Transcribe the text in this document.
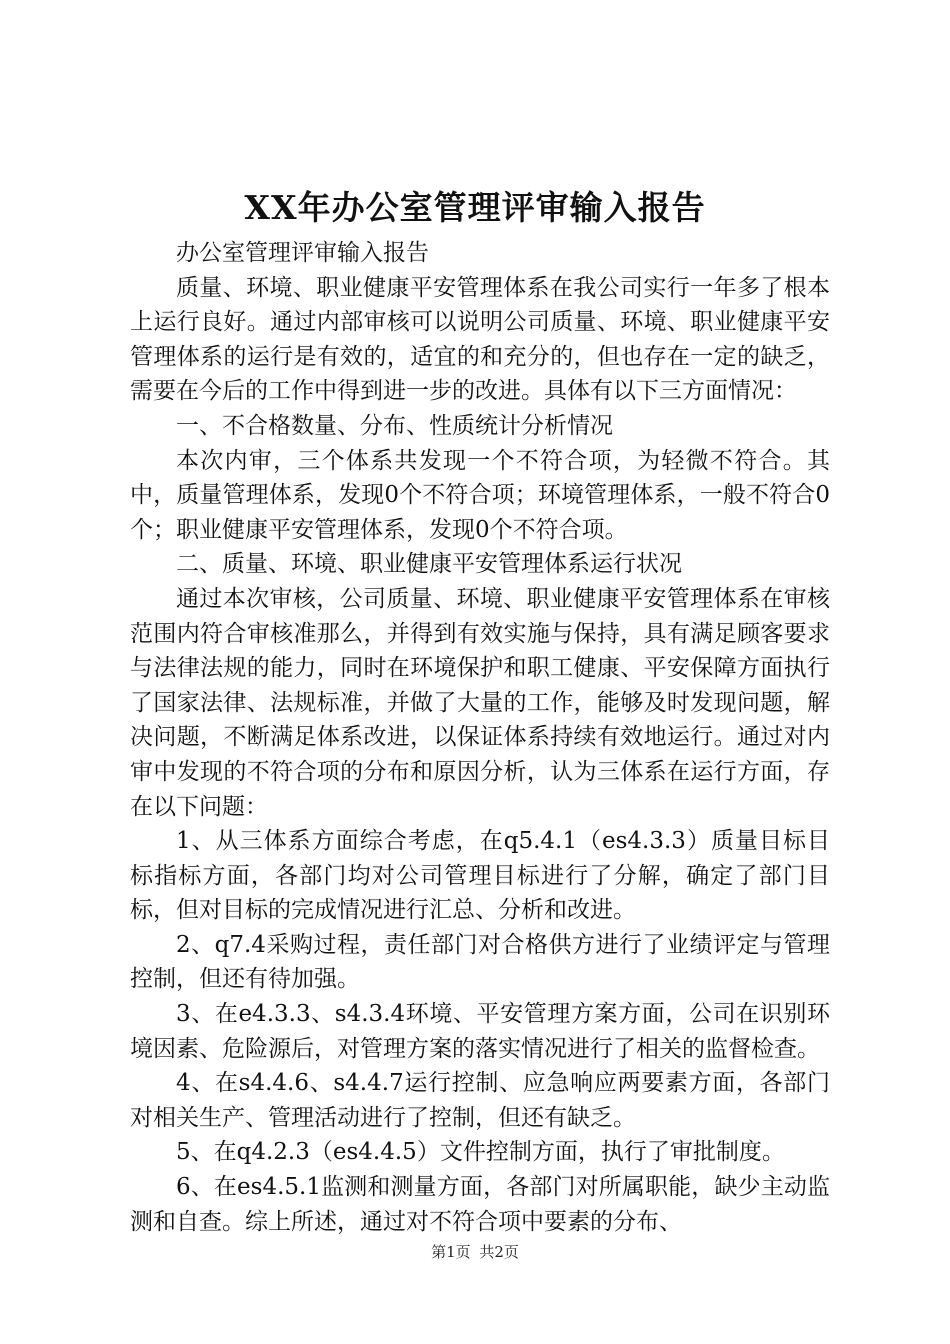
XX年办公室管理评审输入报告

办公室管理评审输入报告

质量、环境、职业健康平安管理体系在我公司实行一年多了根本上运行良好。通过内部审核可以说明公司质量、环境、职业健康平安管理体系的运行是有效的，适宜的和充分的，但也存在一定的缺乏，需要在今后的工作中得到进一步的改进。具体有以下三方面情况：

一、不合格数量、分布、性质统计分析情况

本次内审，三个体系共发现一个不符合项，为轻微不符合。其中，质量管理体系，发现0个不符合项；环境管理体系，一般不符合0个；职业健康平安管理体系，发现0个不符合项。

二、质量、环境、职业健康平安管理体系运行状况

通过本次审核，公司质量、环境、职业健康平安管理体系在审核范围内符合审核准那么，并得到有效实施与保持，具有满足顾客要求与法律法规的能力，同时在环境保护和职工健康、平安保障方面执行了国家法律、法规标准，并做了大量的工作，能够及时发现问题，解决问题，不断满足体系改进，以保证体系持续有效地运行。通过对内审中发现的不符合项的分布和原因分析，认为三体系在运行方面，存在以下问题：

1、从三体系方面综合考虑，在q5.4.1（es4.3.3）质量目标目标指标方面，各部门均对公司管理目标进行了分解，确定了部门目标，但对目标的完成情况进行汇总、分析和改进。

2、q7.4采购过程，责任部门对合格供方进行了业绩评定与管理控制，但还有待加强。

3、在e4.3.3、s4.3.4环境、平安管理方案方面，公司在识别环境因素、危险源后，对管理方案的落实情况进行了相关的监督检查。

4、在s4.4.6、s4.4.7运行控制、应急响应两要素方面，各部门对相关生产、管理活动进行了控制，但还有缺乏。

5、在q4.2.3（es4.4.5）文件控制方面，执行了审批制度。

6、在es4.5.1监测和测量方面，各部门对所属职能，缺少主动监测和自查。综上所述，通过对不符合项中要素的分布、

第1页 共2页
